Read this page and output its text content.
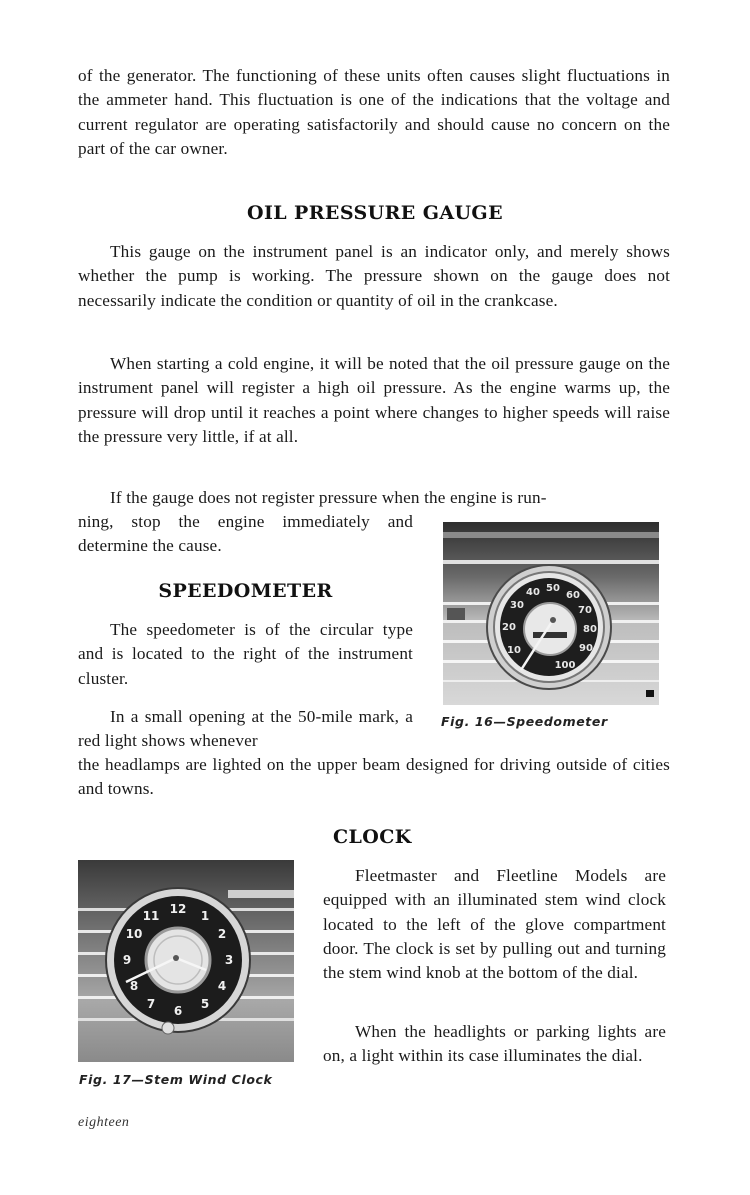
of the generator. The functioning of these units often causes slight fluctuations in the ammeter hand. This fluctuation is one of the indications that the voltage and current regulator are operating satisfactorily and should cause no concern on the part of the car owner.

OIL PRESSURE GAUGE

This gauge on the instrument panel is an indicator only, and merely shows whether the pump is working. The pressure shown on the gauge does not necessarily indicate the condition or quantity of oil in the crankcase.

When starting a cold engine, it will be noted that the oil pressure gauge on the instrument panel will register a high oil pressure. As the engine warms up, the pressure will drop until it reaches a point where changes to higher speeds will raise the pressure very little, if at all.

If the gauge does not register pressure when the engine is run-

ning, stop the engine immediately and determine the cause.

SPEEDOMETER

The speedometer is of the circular type and is located to the right of the instrument cluster.

In a small opening at the 50-mile mark, a red light shows whenever

the headlamps are lighted on the upper beam designed for driving outside of cities and towns.

10
20
30
40 50
60
70
80
90
100
Fig. 16—Speedometer
CLOCK

Fleetmaster and Fleetline Models are equipped with an illuminated stem wind clock located to the left of the glove compartment door. The clock is set by pulling out and turning the stem wind knob at the bottom of the dial.

When the headlights or parking lights are on, a light within its case illuminates the dial.

12 1
2
3
4
5
6
7
8
9
10
11
Fig. 17—Stem Wind Clock
eighteen
